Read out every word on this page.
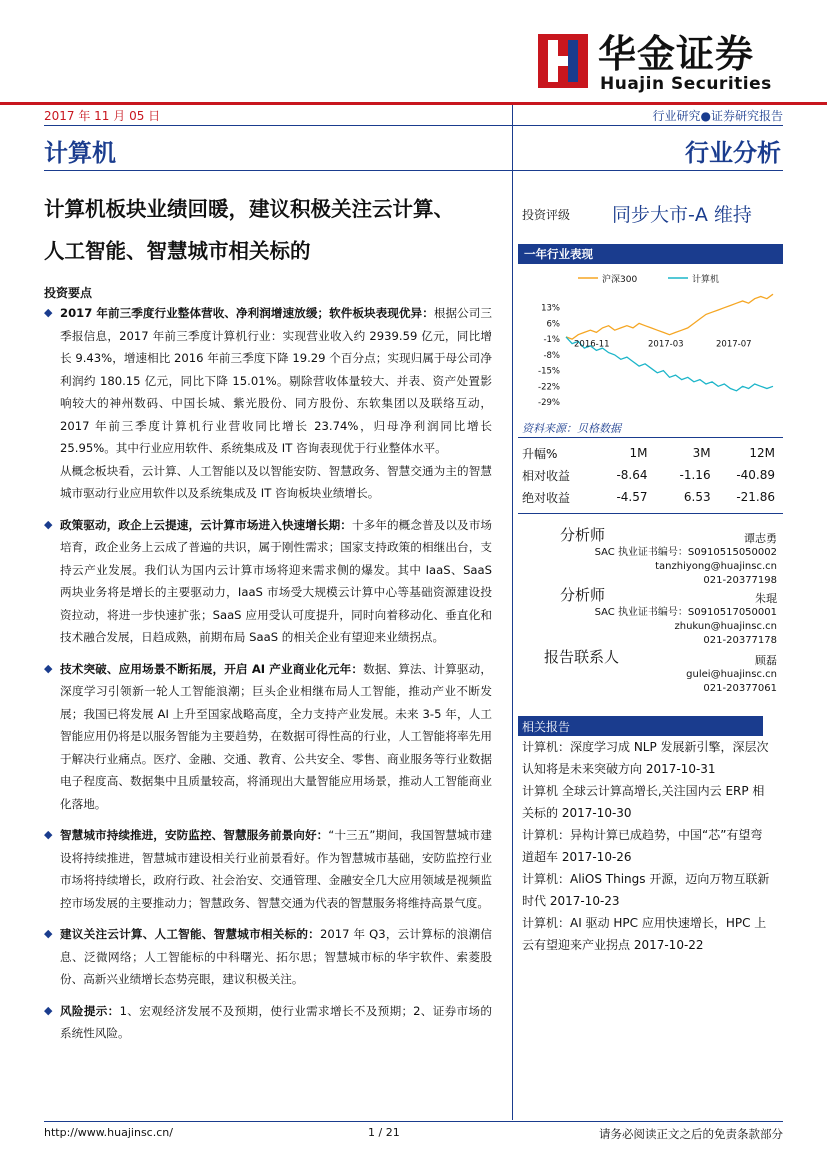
华金证券
Huajin Securities
2017 年 11 月 05 日	行业研究●证券研究报告
计算机	行业分析
计算机板块业绩回暖，建议积极关注云计算、
人工智能、智慧城市相关标的
投资要点
◆ 2017 年前三季度行业整体营收、净利润增速放缓；软件板块表现优异：根据公司三季报信息，2017 年前三季度计算机行业：实现营业收入约 2939.59 亿元，同比增长 9.43%，增速相比 2016 年前三季度下降 19.29 个百分点；实现归属于母公司净利润约 180.15 亿元，同比下降 15.01%。剔除营收体量较大、并表、资产处置影响较大的神州数码、中国长城、紫光股份、同方股份、东软集团以及联络互动，2017 年前三季度计算机行业营收同比增长 23.74%，归母净利润同比增长 25.95%。其中行业应用软件、系统集成及 IT 咨询表现优于行业整体水平。
从概念板块看，云计算、人工智能以及以智能安防、智慧政务、智慧交通为主的智慧城市驱动行业应用软件以及系统集成及 IT 咨询板块业绩增长。
◆ 政策驱动，政企上云提速，云计算市场进入快速增长期：十多年的概念普及以及市场培育，政企业务上云成了普遍的共识，属于刚性需求；国家支持政策的相继出台，支持云产业发展。我们认为国内云计算市场将迎来需求侧的爆发。其中 IaaS、SaaS 两块业务将是增长的主要驱动力，IaaS 市场受大规模云计算中心等基础资源建设投资拉动，将进一步快速扩张；SaaS 应用受认可度提升，同时向着移动化、垂直化和技术融合发展，日趋成熟，前期布局 SaaS 的相关企业有望迎来业绩拐点。
◆ 技术突破、应用场景不断拓展，开启 AI 产业商业化元年：数据、算法、计算驱动，深度学习引领新一轮人工智能浪潮；巨头企业相继布局人工智能，推动产业不断发展；我国已将发展 AI 上升至国家战略高度，全力支持产业发展。未来 3-5 年，人工智能应用仍将是以服务智能为主要趋势，在数据可得性高的行业，人工智能将率先用于解决行业痛点。医疗、金融、交通、教育、公共安全、零售、商业服务等行业数据电子程度高、数据集中且质量较高，将涌现出大量智能应用场景，推动人工智能商业化落地。
◆ 智慧城市持续推进，安防监控、智慧服务前景向好：“十三五”期间，我国智慧城市建设将持续推进，智慧城市建设相关行业前景看好。作为智慧城市基础，安防监控行业市场将持续增长，政府行政、社会治安、交通管理、金融安全几大应用领域是视频监控市场发展的主要推动力；智慧政务、智慧交通为代表的智慧服务将维持高景气度。
◆ 建议关注云计算、人工智能、智慧城市相关标的：2017 年 Q3，云计算标的浪潮信息、泛微网络；人工智能标的中科曙光、拓尔思；智慧城市标的华宇软件、索菱股份、高新兴业绩增长态势亮眼，建议积极关注。
◆ 风险提示：1、宏观经济发展不及预期，使行业需求增长不及预期；2、证券市场的系统性风险。
投资评级 同步大市-A 维持
一年行业表现
沪深300	计算机
13%
6%
-1%
-8%
-15%
-22%
-29%
2016-11	2017-03	2017-07
资料来源：贝格数据
升幅%	1M	3M	12M
相对收益	-8.64	-1.16	-40.89
绝对收益	-4.57	6.53	-21.86
分析师	谭志勇
SAC 执业证书编号：S0910515050002
tanzhiyong@huajinsc.cn
021-20377198
分析师	朱琨
SAC 执业证书编号：S0910517050001
zhukun@huajinsc.cn
021-20377178
报告联系人	顾磊
gulei@huajinsc.cn
021-20377061
相关报告
计算机：深度学习成 NLP 发展新引擎，深层次认知将是未来突破方向 2017-10-31
计算机 全球云计算高增长,关注国内云 ERP 相关标的 2017-10-30
计算机：异构计算已成趋势，中国“芯”有望弯道超车 2017-10-26
计算机：AliOS Things 开源，迈向万物互联新时代 2017-10-23
计算机：AI 驱动 HPC 应用快速增长，HPC 上云有望迎来产业拐点 2017-10-22
http://www.huajinsc.cn/	1 / 21	请务必阅读正文之后的免责条款部分
